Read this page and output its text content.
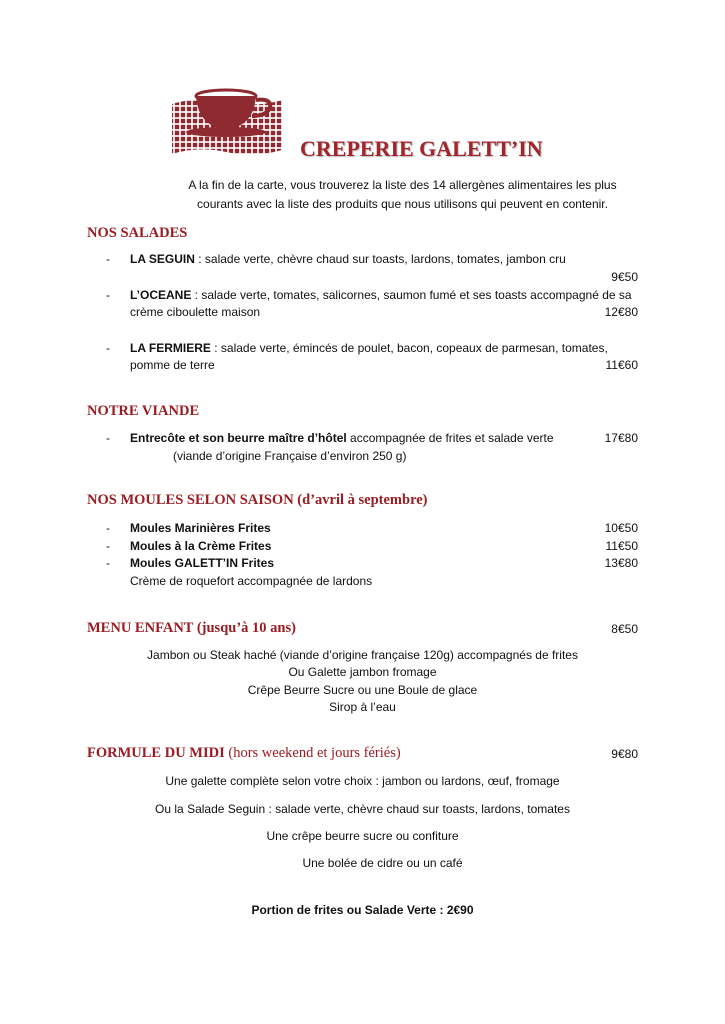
CREPERIE GALETT’IN
A la fin de la carte, vous trouverez la liste des 14 allergènes alimentaires les plus
courants avec la liste des produits que nous utilisons qui peuvent en contenir.
NOS SALADES
- LA SEGUIN : salade verte, chèvre chaud sur toasts, lardons, tomates, jambon cru
9€50
- L’OCEANE : salade verte, tomates, salicornes, saumon fumé et ses toasts accompagné de sa
crème ciboulette maison	12€80
- LA FERMIERE : salade verte, émincés de poulet, bacon, copeaux de parmesan, tomates,
pomme de terre	11€60
NOTRE VIANDE
- Entrecôte et son beurre maître d’hôtel accompagnée de frites et salade verte	17€80
(viande d’origine Française d’environ 250 g)
NOS MOULES SELON SAISON (d’avril à septembre)
- Moules Marinières Frites	10€50
- Moules à la Crème Frites	11€50
- Moules GALETT’IN Frites	13€80
Crème de roquefort accompagnée de lardons
MENU ENFANT (jusqu’à 10 ans)	8€50
Jambon ou Steak haché (viande d’origine française 120g) accompagnés de frites
Ou Galette jambon fromage
Crêpe Beurre Sucre ou une Boule de glace
Sirop à l’eau
FORMULE DU MIDI (hors weekend et jours fériés)	9€80
Une galette complète selon votre choix : jambon ou lardons, œuf, fromage
Ou la Salade Seguin : salade verte, chèvre chaud sur toasts, lardons, tomates
Une crêpe beurre sucre ou confiture
Une bolée de cidre ou un café
Portion de frites ou Salade Verte : 2€90
